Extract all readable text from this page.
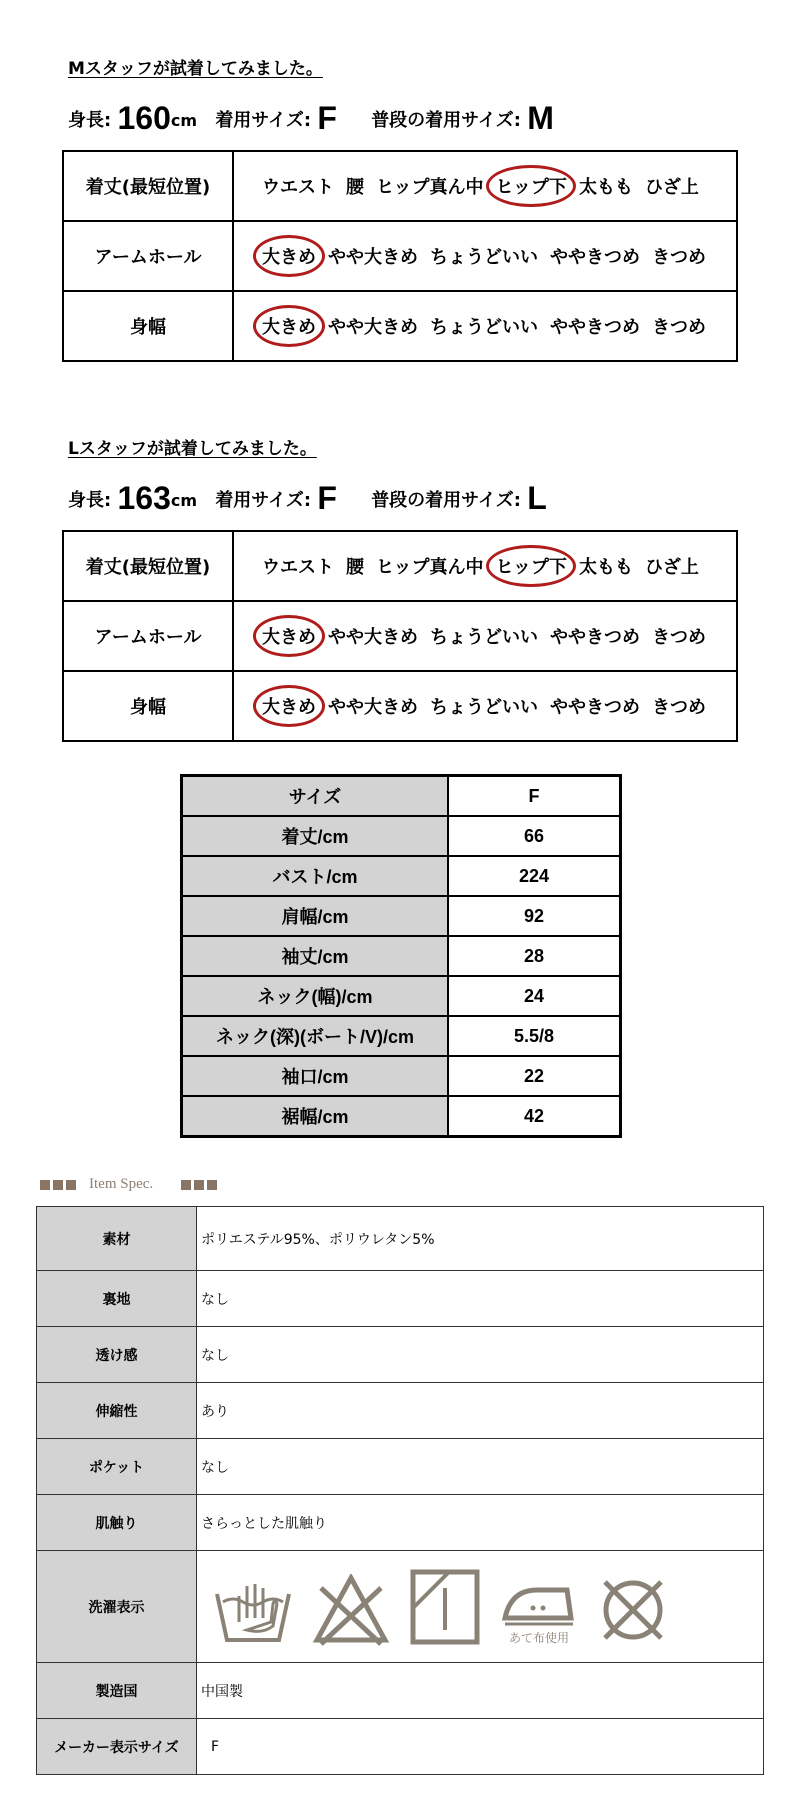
Mスタッフが試着してみました。
身長: 160cm 着用サイズ: F 普段の着用サイズ: M
着丈(最短位置)	ウエスト 腰 ヒップ真ん中 ヒップ下 太もも ひざ上
アームホール	大きめ やや大きめ ちょうどいい ややきつめ きつめ
身幅	大きめ やや大きめ ちょうどいい ややきつめ きつめ
Lスタッフが試着してみました。
身長: 163cm 着用サイズ: F 普段の着用サイズ: L
着丈(最短位置)	ウエスト 腰 ヒップ真ん中 ヒップ下 太もも ひざ上
アームホール	大きめ やや大きめ ちょうどいい ややきつめ きつめ
身幅	大きめ やや大きめ ちょうどいい ややきつめ きつめ
サイズ	F
着丈/cm	66
バスト/cm	224
肩幅/cm	92
袖丈/cm	28
ネック(幅)/cm	24
ネック(深)(ボート/V)/cm	5.5/8
袖口/cm	22
裾幅/cm	42
Item Spec.
素材	ポリエステル95%、ポリウレタン5%
裏地	なし
透け感	なし
伸縮性	あり
ポケット	なし
肌触り	さらっとした肌触り
洗濯表示	あて布使用

製造国	中国製
メーカー表示サイズ	F
